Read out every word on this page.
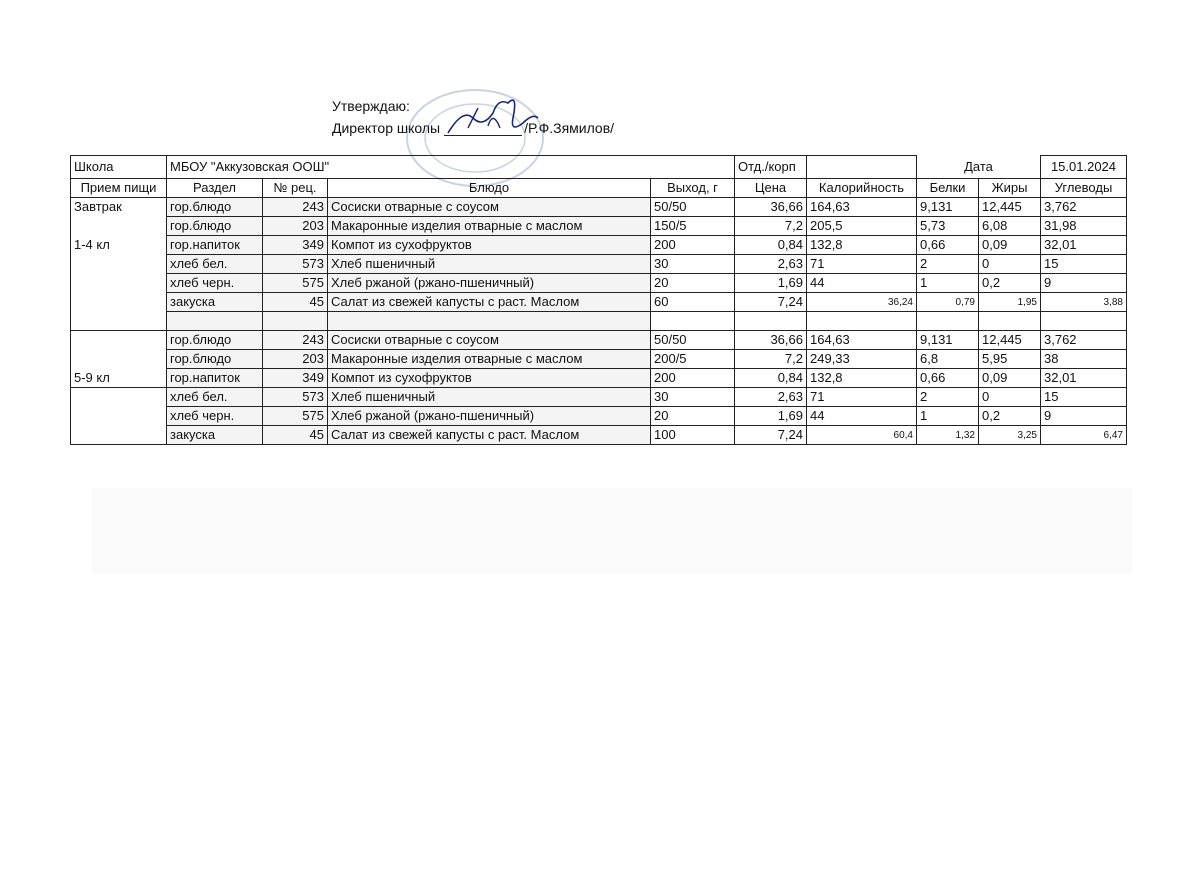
Утверждаю:
Директор школы	/Р.Ф.Зямилов/
Школа	МБОУ "Аккузовская ООШ"				Отд./корп		Дата		15.01.2024
Прием пищи	Раздел	№ рец.	Блюдо	Выход, г	Цена	Калорийность	Белки	Жиры	Углеводы
Завтрак	гор.блюдо	243	Сосиски отварные с соусом	50/50	36,66	164,63	9,131	12,445	3,762
	гор.блюдо	203	Макаронные изделия отварные с маслом	150/5	7,2	205,5	5,73	6,08	31,98
1-4 кл	гор.напиток	349	Компот из сухофруктов	200	0,84	132,8	0,66	0,09	32,01
	хлеб бел.	573	Хлеб пшеничный	30	2,63	71	2	0	15
	хлеб черн.	575	Хлеб ржаной (ржано-пшеничный)	20	1,69	44	1	0,2	9
	закуска	45	Салат из свежей капусты с раст. Маслом	60	7,24	36,24	0,79	1,95	3,88

	гор.блюдо	243	Сосиски отварные с соусом	50/50	36,66	164,63	9,131	12,445	3,762
	гор.блюдо	203	Макаронные изделия отварные с маслом	200/5	7,2	249,33	6,8	5,95	38
5-9 кл	гор.напиток	349	Компот из сухофруктов	200	0,84	132,8	0,66	0,09	32,01
	хлеб бел.	573	Хлеб пшеничный	30	2,63	71	2	0	15
	хлеб черн.	575	Хлеб ржаной (ржано-пшеничный)	20	1,69	44	1	0,2	9
	закуска	45	Салат из свежей капусты с раст. Маслом	100	7,24	60,4	1,32	3,25	6,47
